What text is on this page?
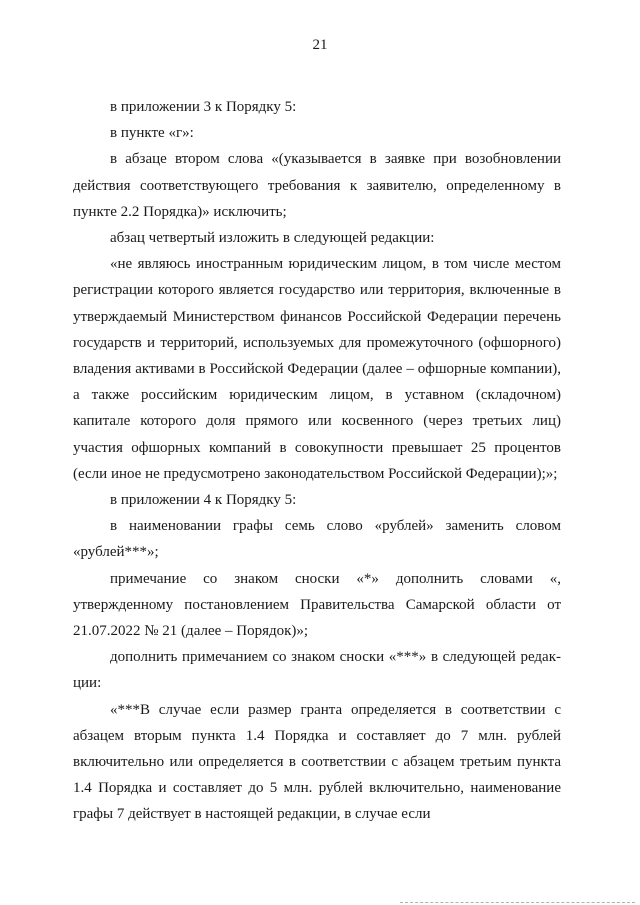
21

в приложении 3 к Порядку 5:

в пункте «г»:

в абзаце втором слова «(указывается в заявке при возобновлении действия соответствующего требования к заявителю, определенному в пункте 2.2 Порядка)» исключить;

абзац четвертый изложить в следующей редакции:

«не являюсь иностранным юридическим лицом, в том числе местом регистрации которого является государство или территория, включенные в утверждаемый Министерством финансов Российской Федерации перечень государств и территорий, используемых для промежуточного (офшорного) владения активами в Российской Федерации (далее – офшорные компании), а также российским юридическим лицом, в уставном (складочном) капитале которого доля прямого или косвенного (через третьих лиц) участия офшорных компаний в совокупности превышает 25 процентов (если иное не предусмотрено законодательством Российской Федерации);»;

в приложении 4 к Порядку 5:

в наименовании графы семь слово «рублей» заменить словом «рублей***»;

примечание со знаком сноски «*» дополнить словами «, утвержденному постановлением Правительства Самарской области от 21.07.2022 № 21 (далее – Порядок)»;

дополнить примечанием со знаком сноски «***» в следующей редак-ции:

«***В случае если размер гранта определяется в соответствии с абзацем вторым пункта 1.4 Порядка и составляет до 7 млн. рублей включительно или определяется в соответствии с абзацем третьим пункта 1.4 Порядка и составляет до 5 млн. рублей включительно, наименование графы 7 действует в настоящей редакции, в случае если
